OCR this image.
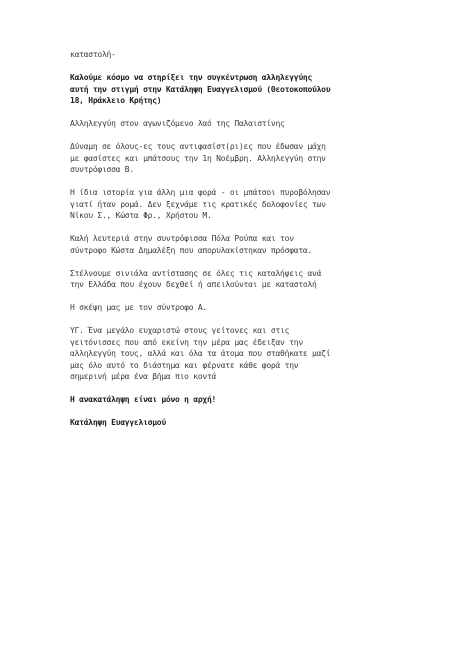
καταστολή-
Καλούμε κόσμο να στηρίξει την συγκέντρωση αλληλεγγύης
αυτή την στιγμή στην Κατάληψη Ευαγγελισμού (Θεοτοκοπούλου
18, Ηράκλειο Κρήτης)
Αλληλεγγύη στον αγωνιζόμενο λαό της Παλαιστίνης
Δύναμη σε όλους-ες τους αντιφασίστ(ρι)ες που έδωσαν μάχη
με φασίστες και μπάτσους την 1η Νοέμβρη. Αλληλεγγύη στην
συντρόφισσα Β.
Η ίδια ιστορία για άλλη μια φορά - οι μπάτσοι πυροβόλησαν
γιατί ήταν ρομά. Δεν ξεχνάμε τις κρατικές δολοφονίες των
Νίκου Σ., Κώστα Φρ., Χρήστου Μ.
Καλή λευτεριά στην συντρόφισσα Πόλα Ρούπα και τον
σύντροφο Κώστα Δημαλέξη που απορυλακίστηκαν πρόσφατα.
Στέλνουμε σινιάλα αντίστασης σε όλες τις καταλήψεις ανά
την Ελλάδα που έχουν δεχθεί ή απειλούνται με καταστολή
Η σκέψη μας με τον σύντροφο Α.
ΥΓ. Ένα μεγάλο ευχαριστώ στους γείτονες και στις
γειτόνισσες που από εκείνη την μέρα μας έδειξαν την
αλληλεγγύη τους, αλλά και όλα τα άτομα που σταθήκατε μαζί
μας όλο αυτό το διάστημα και φέρνατε κάθε φορά την
σημερινή μέρα ένα βήμα πιο κοντά
Η ανακατάληψη είναι μόνο η αρχή!
Κατάληψη Ευαγγελισμού
